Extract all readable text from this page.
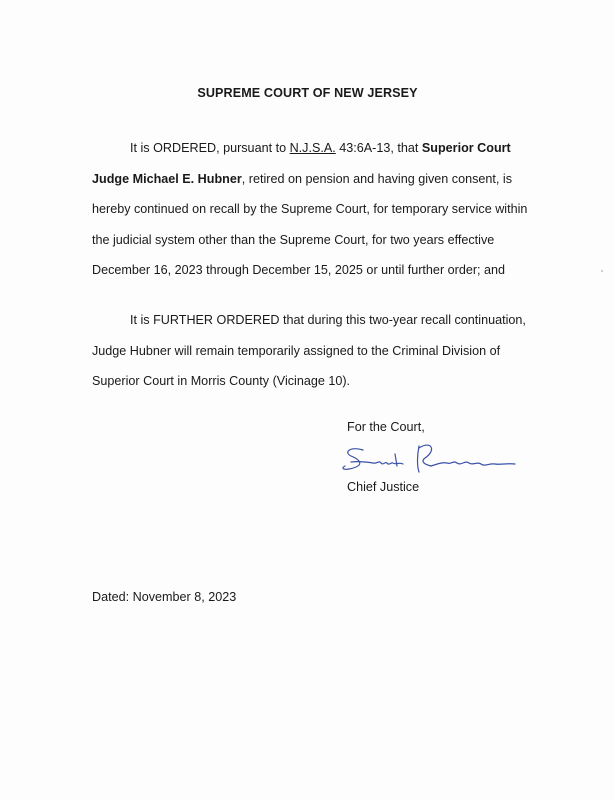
SUPREME COURT OF NEW JERSEY
It is ORDERED, pursuant to N.J.S.A. 43:6A-13, that Superior Court Judge Michael E. Hubner, retired on pension and having given consent, is hereby continued on recall by the Supreme Court, for temporary service within the judicial system other than the Supreme Court, for two years effective December 16, 2023 through December 15, 2025 or until further order; and
It is FURTHER ORDERED that during this two-year recall continuation, Judge Hubner will remain temporarily assigned to the Criminal Division of Superior Court in Morris County (Vicinage 10).
For the Court,
Chief Justice
Dated: November 8, 2023
